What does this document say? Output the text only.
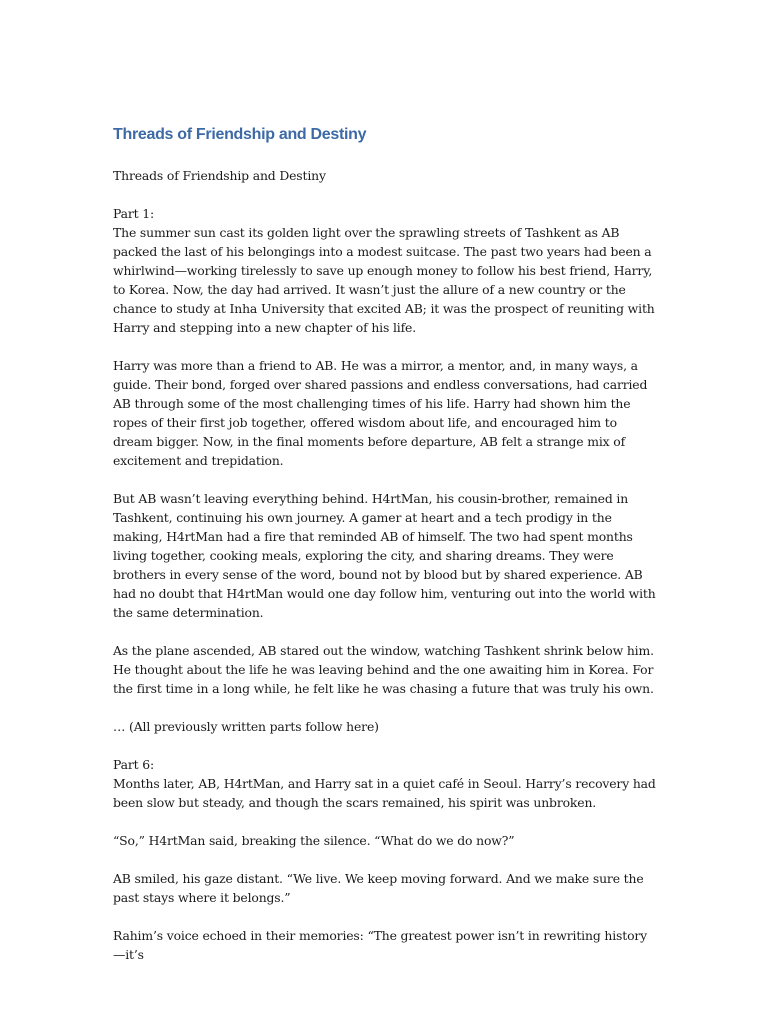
Threads of Friendship and Destiny

Threads of Friendship and Destiny

Part 1:
The summer sun cast its golden light over the sprawling streets of Tashkent as AB packed the last of his belongings into a modest suitcase. The past two years had been a whirlwind—working tirelessly to save up enough money to follow his best friend, Harry, to Korea. Now, the day had arrived. It wasn’t just the allure of a new country or the chance to study at Inha University that excited AB; it was the prospect of reuniting with Harry and stepping into a new chapter of his life.

Harry was more than a friend to AB. He was a mirror, a mentor, and, in many ways, a guide. Their bond, forged over shared passions and endless conversations, had carried AB through some of the most challenging times of his life. Harry had shown him the ropes of their first job together, offered wisdom about life, and encouraged him to dream bigger. Now, in the final moments before departure, AB felt a strange mix of excitement and trepidation.

But AB wasn’t leaving everything behind. H4rtMan, his cousin-brother, remained in Tashkent, continuing his own journey. A gamer at heart and a tech prodigy in the making, H4rtMan had a fire that reminded AB of himself. The two had spent months living together, cooking meals, exploring the city, and sharing dreams. They were brothers in every sense of the word, bound not by blood but by shared experience. AB had no doubt that H4rtMan would one day follow him, venturing out into the world with the same determination.

As the plane ascended, AB stared out the window, watching Tashkent shrink below him. He thought about the life he was leaving behind and the one awaiting him in Korea. For the first time in a long while, he felt like he was chasing a future that was truly his own.

… (All previously written parts follow here)

Part 6:
Months later, AB, H4rtMan, and Harry sat in a quiet café in Seoul. Harry’s recovery had been slow but steady, and though the scars remained, his spirit was unbroken.

“So,” H4rtMan said, breaking the silence. “What do we do now?”

AB smiled, his gaze distant. “We live. We keep moving forward. And we make sure the past stays where it belongs.”

Rahim’s voice echoed in their memories: “The greatest power isn’t in rewriting history—it’s
